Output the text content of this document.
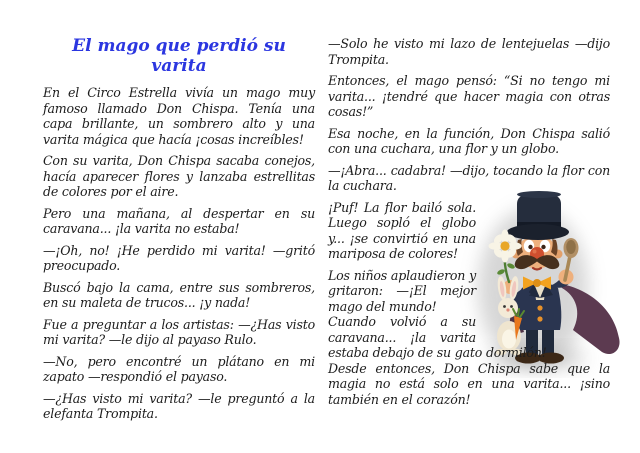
El mago que perdió su varita

En el Circo Estrella vivía un mago muy famoso llamado Don Chispa. Tenía una capa brillante, un sombrero alto y una varita mágica que hacía ¡cosas increíbles!

Con su varita, Don Chispa sacaba conejos, hacía aparecer flores y lanzaba estrellitas de colores por el aire.

Pero una mañana, al despertar en su caravana... ¡la varita no estaba!

—¡Oh, no! ¡He perdido mi varita! —gritó preocupado.

Buscó bajo la cama, entre sus sombreros, en su maleta de trucos... ¡y nada!

Fue a preguntar a los artistas: —¿Has visto mi varita? —le dijo al payaso Rulo.

—No, pero encontré un plátano en mi zapato —respondió el payaso.

—¿Has visto mi varita? —le preguntó a la elefanta Trompita.

—Solo he visto mi lazo de lentejuelas —dijo Trompita.

Entonces, el mago pensó: “Si no tengo mi varita... ¡tendré que hacer magia con otras cosas!”

Esa noche, en la función, Don Chispa salió con una cuchara, una flor y un globo.

—¡Abra... cadabra! —dijo, tocando la flor con la cuchara.

¡Puf! La flor bailó sola. Luego sopló el globo y... ¡se convirtió en una mariposa de colores!

Los niños aplaudieron y gritaron: —¡El mejor mago del mundo!

Cuando volvió a su caravana... ¡la varita estaba debajo de su gato dormilón!

Desde entonces, Don Chispa sabe que la magia no está solo en una varita... ¡sino también en el corazón!
